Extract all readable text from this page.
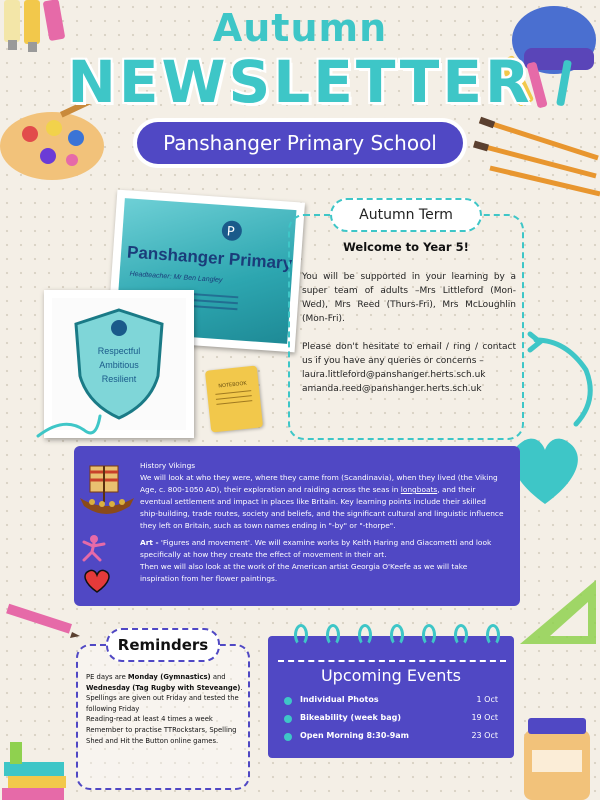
Autumn
NEWSLETTER
Panshanger Primary School
P
Panshanger Primary
Headteacher: Mr Ben Langley
Respectful
Ambitious
Resilient
NOTEBOOK
Autumn Term
Welcome to Year 5!

You will be supported in your learning by a super team of adults –Mrs Littleford (Mon-Wed), Mrs Reed (Thurs-Fri), Mrs McLoughlin (Mon-Fri).

Please don't hesitate to email / ring / contact us if you have any queries or concerns –
laura.littleford@panshanger.herts.sch.uk
amanda.reed@panshanger.herts.sch.uk

History Vikings
We will look at who they were, where they came from (Scandinavia), when they lived (the Viking Age, c. 800-1050 AD), their exploration and raiding across the seas in longboats, and their eventual settlement and impact in places like Britain. Key learning points include their skilled ship-building, trade routes, society and beliefs, and the significant cultural and linguistic influence they left on Britain, such as town names ending in "-by" or "-thorpe".

Art - 'Figures and movement'. We will examine works by Keith Haring and Giacometti and look specifically at how they create the effect of movement in their art.
Then we will also look at the work of the American artist Georgia O'Keefe as we will take inspiration from her flower paintings.

Reminders
PE days are Monday (Gymnastics) and Wednesday (Tag Rugby with Steveange).
Spellings are given out Friday and tested the following Friday
Reading-read at least 4 times a week
Remember to practise TTRockstars, Spelling Shed and Hit the Button online games.
Upcoming Events
Individual Photos	1 Oct
Bikeability (week bag)	19 Oct
Open Morning 8:30-9am	23 Oct
